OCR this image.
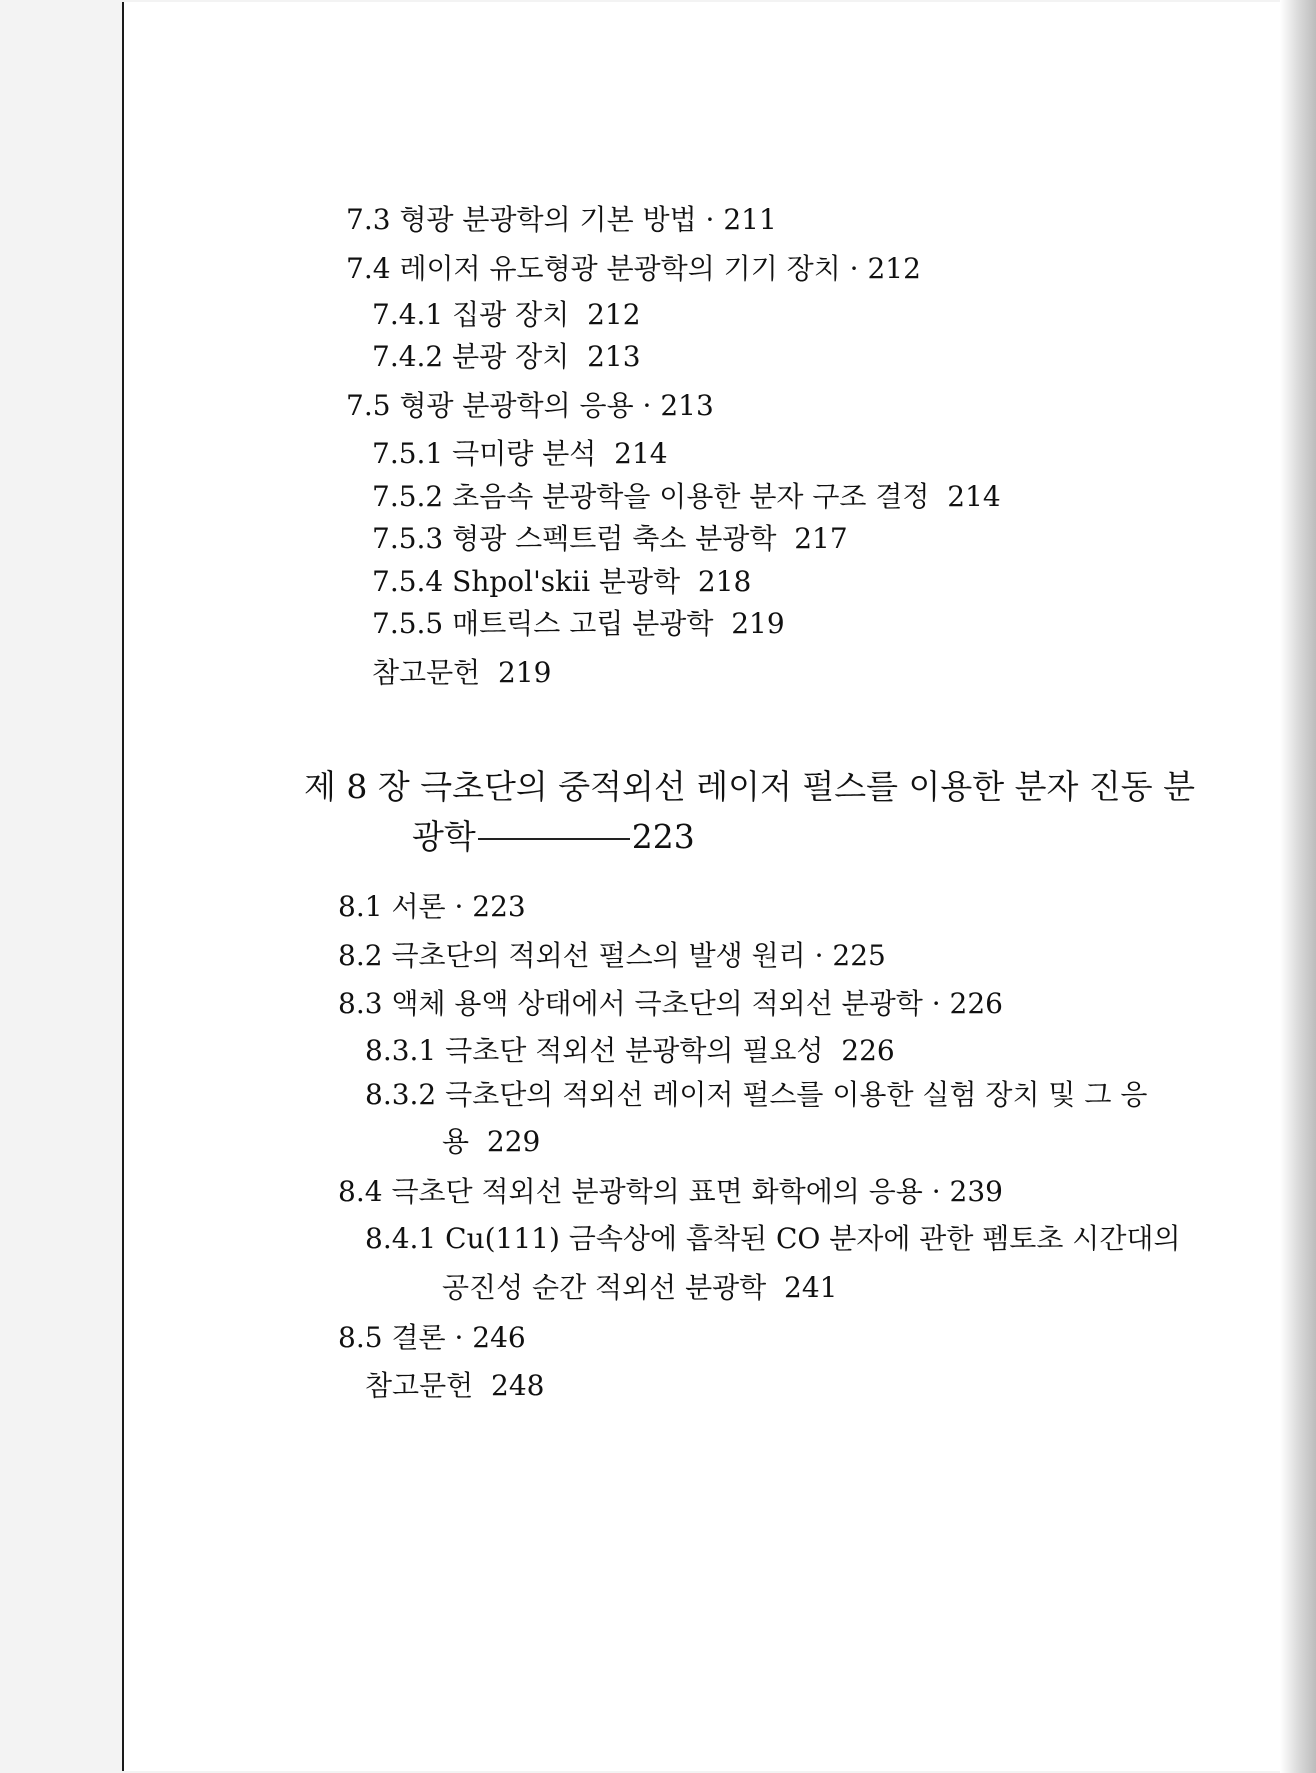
7.3 형광 분광학의 기본 방법 · 211
7.4 레이저 유도형광 분광학의 기기 장치 · 212
7.4.1 집광 장치 212
7.4.2 분광 장치 213
7.5 형광 분광학의 응용 · 213
7.5.1 극미량 분석 214
7.5.2 초음속 분광학을 이용한 분자 구조 결정 214
7.5.3 형광 스펙트럼 축소 분광학 217
7.5.4 Shpol'skii 분광학 218
7.5.5 매트릭스 고립 분광학 219
참고문헌 219
제 8 장 극초단의 중적외선 레이저 펄스를 이용한 분자 진동 분
광학	223
8.1 서론 · 223
8.2 극초단의 적외선 펄스의 발생 원리 · 225
8.3 액체 용액 상태에서 극초단의 적외선 분광학 · 226
8.3.1 극초단 적외선 분광학의 필요성 226
8.3.2 극초단의 적외선 레이저 펄스를 이용한 실험 장치 및 그 응
용 229
8.4 극초단 적외선 분광학의 표면 화학에의 응용 · 239
8.4.1 Cu(111) 금속상에 흡착된 CO 분자에 관한 펨토초 시간대의
공진성 순간 적외선 분광학 241
8.5 결론 · 246
참고문헌 248
